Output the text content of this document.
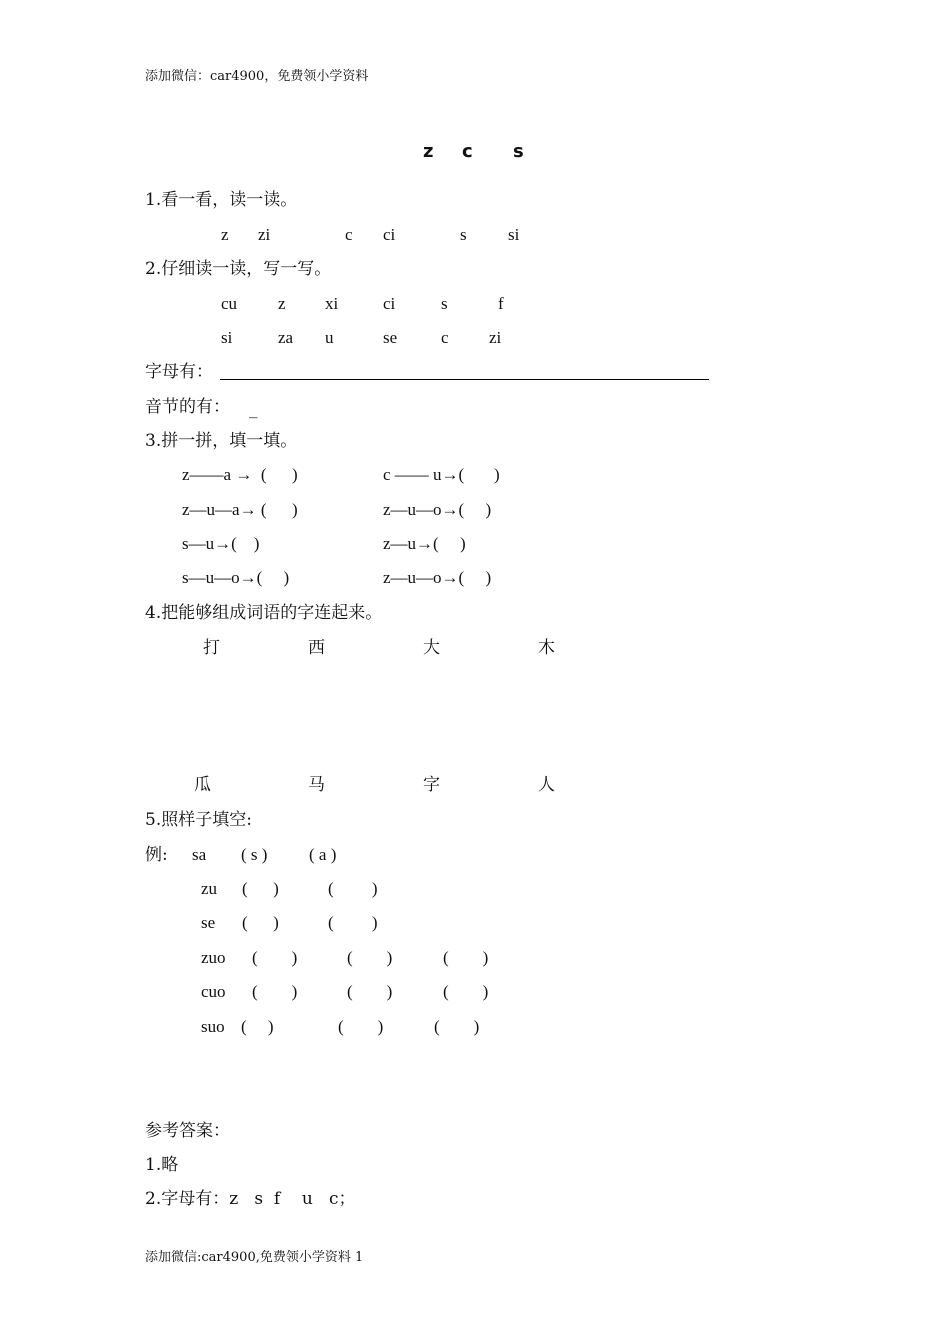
添加微信：car4900，免费领小学资料
z c s
1.看一看，读一读。
z zi	c ci	s si
2.仔细读一读，写一写。
cu z xi	ci	s	f
si	za u	se	c zi
字母有：
音节的有： _
3.拼一拼，填一填。
z——a →  (      )	c —— u→(       )
z—u—a→ (      )	z—u—o→(     )
s—u→(    )	z—u→(     )
s—u—o→(     )	z—u—o→(     )
4.把能够组成词语的字连起来。
打	西	大	木
瓜	马	字	人
5.照样子填空:
例: sa ( s ) ( a )
zu (      )	(         )
se (      )	(         )
zuo (        )	(        )	(        )
cuo (        )	(        )	(        )
suo (     )	(        )	(        )
参考答案：
1.略
2.字母有：z   s  f    u   c；
添加微信:car4900,免费领小学资料 1
